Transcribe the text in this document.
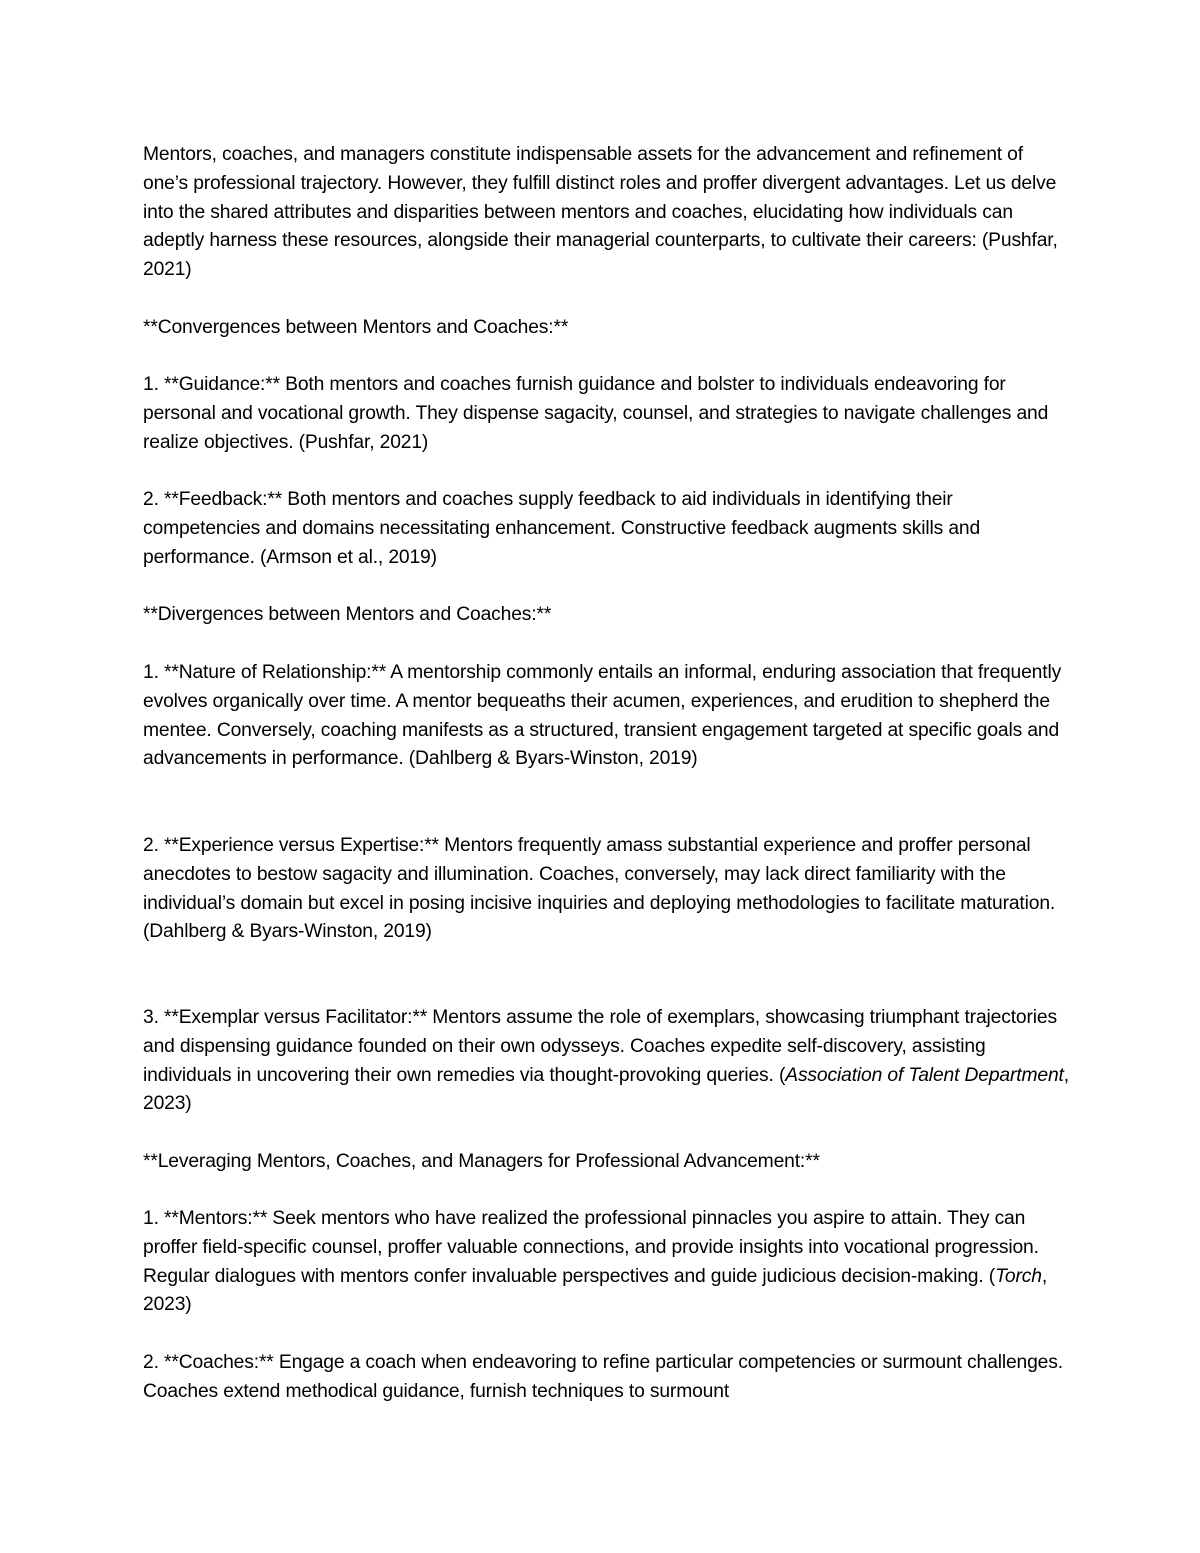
Mentors, coaches, and managers constitute indispensable assets for the advancement and refinement of one’s professional trajectory. However, they fulfill distinct roles and proffer divergent advantages. Let us delve into the shared attributes and disparities between mentors and coaches, elucidating how individuals can adeptly harness these resources, alongside their managerial counterparts, to cultivate their careers: (Pushfar, 2021)

**Convergences between Mentors and Coaches:**

1. **Guidance:** Both mentors and coaches furnish guidance and bolster to individuals endeavoring for personal and vocational growth. They dispense sagacity, counsel, and strategies to navigate challenges and realize objectives. (Pushfar, 2021)

2. **Feedback:** Both mentors and coaches supply feedback to aid individuals in identifying their competencies and domains necessitating enhancement. Constructive feedback augments skills and performance. (Armson et al., 2019)

**Divergences between Mentors and Coaches:**

1. **Nature of Relationship:** A mentorship commonly entails an informal, enduring association that frequently evolves organically over time. A mentor bequeaths their acumen, experiences, and erudition to shepherd the mentee. Conversely, coaching manifests as a structured, transient engagement targeted at specific goals and advancements in performance. (Dahlberg & Byars-Winston, 2019)

2. **Experience versus Expertise:** Mentors frequently amass substantial experience and proffer personal anecdotes to bestow sagacity and illumination. Coaches, conversely, may lack direct familiarity with the individual’s domain but excel in posing incisive inquiries and deploying methodologies to facilitate maturation. (Dahlberg & Byars-Winston, 2019)

3. **Exemplar versus Facilitator:** Mentors assume the role of exemplars, showcasing triumphant trajectories and dispensing guidance founded on their own odysseys. Coaches expedite self-discovery, assisting individuals in uncovering their own remedies via thought-provoking queries. (Association of Talent Department, 2023)

**Leveraging Mentors, Coaches, and Managers for Professional Advancement:**

1. **Mentors:** Seek mentors who have realized the professional pinnacles you aspire to attain. They can proffer field-specific counsel, proffer valuable connections, and provide insights into vocational progression. Regular dialogues with mentors confer invaluable perspectives and guide judicious decision-making. (Torch, 2023)

2. **Coaches:** Engage a coach when endeavoring to refine particular competencies or surmount challenges. Coaches extend methodical guidance, furnish techniques to surmount
